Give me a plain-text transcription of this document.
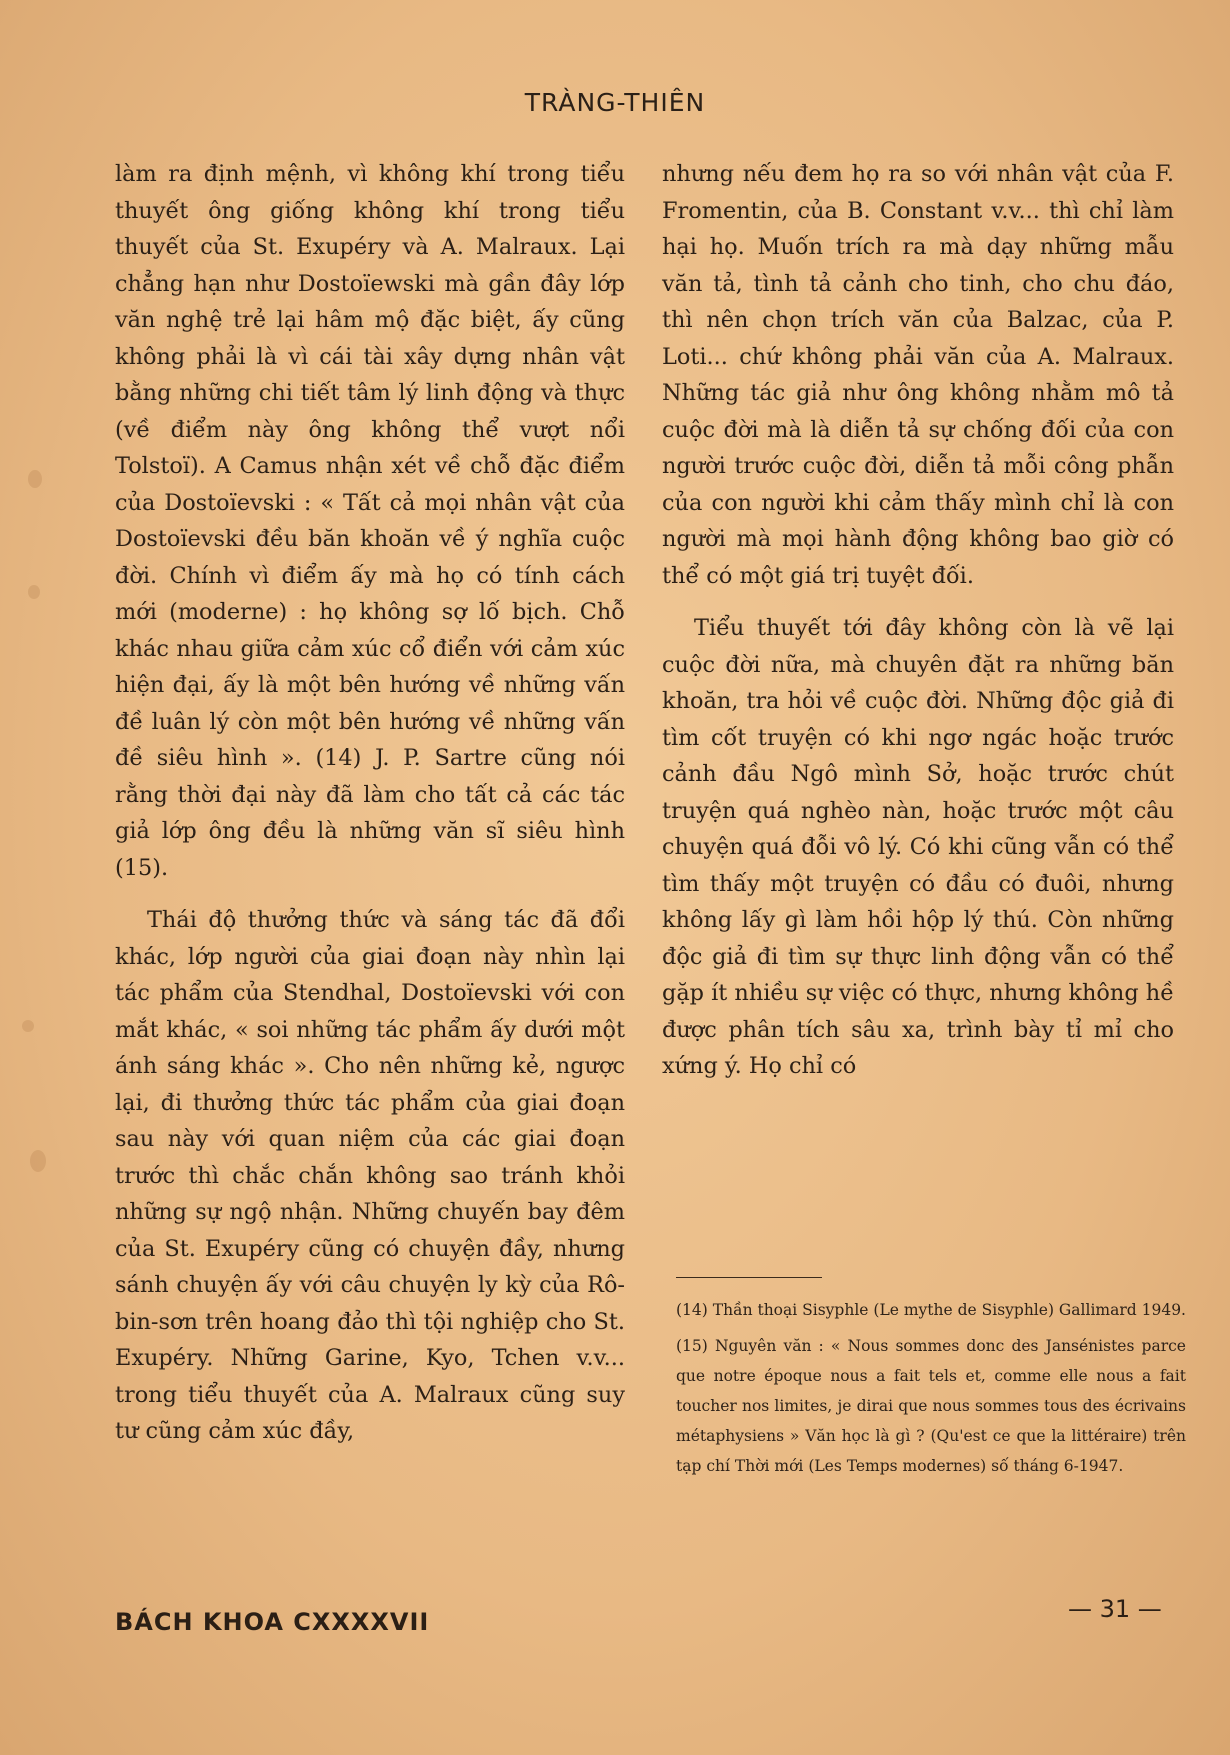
TRÀNG-THIÊN

làm ra định mệnh, vì không khí trong tiểu thuyết ông giống không khí trong tiểu thuyết của St. Exupéry và A. Malraux. Lại chẳng hạn như Dostoïewski mà gần đây lớp văn nghệ trẻ lại hâm mộ đặc biệt, ấy cũng không phải là vì cái tài xây dựng nhân vật bằng những chi tiết tâm lý linh động và thực (về điểm này ông không thể vượt nổi Tolstoï). A Camus nhận xét về chỗ đặc điểm của Dostoïevski : « Tất cả mọi nhân vật của Dostoïevski đều băn khoăn về ý nghĩa cuộc đời. Chính vì điểm ấy mà họ có tính cách mới (moderne) : họ không sợ lố bịch. Chỗ khác nhau giữa cảm xúc cổ điển với cảm xúc hiện đại, ấy là một bên hướng về những vấn đề luân lý còn một bên hướng về những vấn đề siêu hình ». (14) J. P. Sartre cũng nói rằng thời đại này đã làm cho tất cả các tác giả lớp ông đều là những văn sĩ siêu hình (15).

Thái độ thưởng thức và sáng tác đã đổi khác, lớp người của giai đoạn này nhìn lại tác phẩm của Stendhal, Dostoïevski với con mắt khác, « soi những tác phẩm ấy dưới một ánh sáng khác ». Cho nên những kẻ, ngược lại, đi thưởng thức tác phẩm của giai đoạn sau này với quan niệm của các giai đoạn trước thì chắc chắn không sao tránh khỏi những sự ngộ nhận. Những chuyến bay đêm của St. Exupéry cũng có chuyện đầy, nhưng sánh chuyện ấy với câu chuyện ly kỳ của Rô-bin-sơn trên hoang đảo thì tội nghiệp cho St. Exupéry. Những Garine, Kyo, Tchen v.v... trong tiểu thuyết của A. Malraux cũng suy tư cũng cảm xúc đầy,

nhưng nếu đem họ ra so với nhân vật của F. Fromentin, của B. Constant v.v... thì chỉ làm hại họ. Muốn trích ra mà dạy những mẫu văn tả, tình tả cảnh cho tinh, cho chu đáo, thì nên chọn trích văn của Balzac, của P. Loti... chứ không phải văn của A. Malraux. Những tác giả như ông không nhằm mô tả cuộc đời mà là diễn tả sự chống đối của con người trước cuộc đời, diễn tả mỗi công phẫn của con người khi cảm thấy mình chỉ là con người mà mọi hành động không bao giờ có thể có một giá trị tuyệt đối.

Tiểu thuyết tới đây không còn là vẽ lại cuộc đời nữa, mà chuyên đặt ra những băn khoăn, tra hỏi về cuộc đời. Những độc giả đi tìm cốt truyện có khi ngơ ngác hoặc trước cảnh đầu Ngô mình Sở, hoặc trước chút truyện quá nghèo nàn, hoặc trước một câu chuyện quá đỗi vô lý. Có khi cũng vẫn có thể tìm thấy một truyện có đầu có đuôi, nhưng không lấy gì làm hồi hộp lý thú. Còn những độc giả đi tìm sự thực linh động vẫn có thể gặp ít nhiều sự việc có thực, nhưng không hề được phân tích sâu xa, trình bày tỉ mỉ cho xứng ý. Họ chỉ có

(14) Thần thoại Sisyphle (Le mythe de Sisyphle) Gallimard 1949.

(15) Nguyên văn : « Nous sommes donc des Jansénistes parce que notre époque nous a fait tels et, comme elle nous a fait toucher nos limites, je dirai que nous sommes tous des écrivains métaphysiens » Văn học là gì ? (Qu'est ce que la littéraire) trên tạp chí Thời mới (Les Temps modernes) số tháng 6-1947.

BÁCH KHOA CXXXXVII	— 31 —
